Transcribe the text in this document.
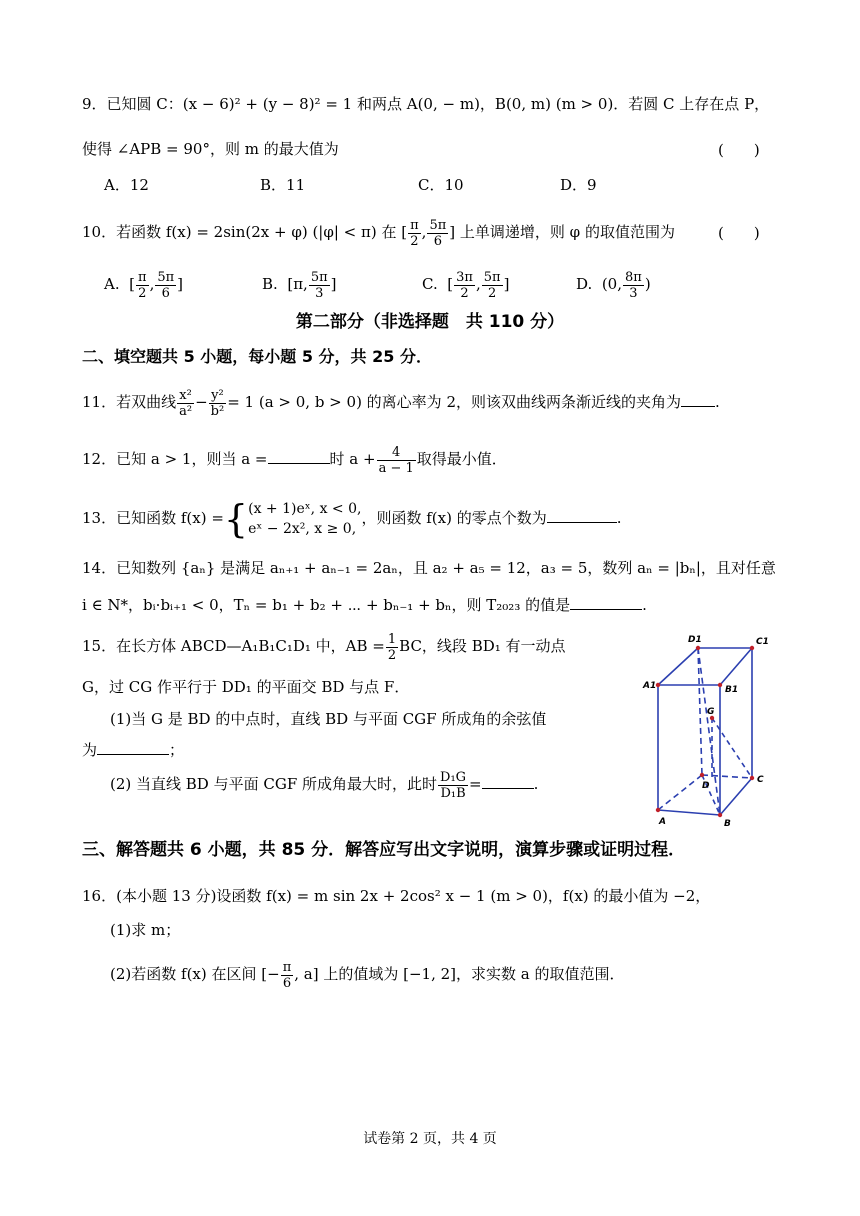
9．已知圆 C：(x − 6)² + (y − 8)² = 1 和两点 A(0, − m)，B(0, m) (m > 0)．若圆 C 上存在点 P，
使得 ∠APB = 90°，则 m 的最大值为	(　　)
A．12	B．11	C．10	D．9
10．若函数 f(x) = 2sin(2x + φ) (|φ| < π) 在 [ $\frac{\pi}{2}$ , $\frac{5\pi}{6}$ ] 上单调递增，则 φ 的取值范围为	(　　)
A. [ $\frac{\pi}{2}$ , $\frac{5\pi}{6}$ ]	B. [π, $\frac{5\pi}{3}$ ]	C. [ $\frac{3\pi}{2}$ , $\frac{5\pi}{2}$ ]	D. (0, $\frac{8\pi}{3}$ )
第二部分（非选择题　共 110 分）
二、填空题共 5 小题，每小题 5 分，共 25 分．
11．若双曲线 $\frac{\text{x²}}{\text{a²}} - \frac{\text{y²}}{\text{b²}} = 1$ (a > 0, b > 0) 的离心率为 2，则该双曲线两条渐近线的夹角为 .
12．已知 a > 1，则当 a =	时 $a + \frac{4}{a - 1}$ 取得最小值．
13．已知函数 f(x) ={ (x + 1)eˣ, x < 0,
eˣ − 2x², x ≥ 0,
，则函数 f(x) 的零点个数为	.
14．已知数列 {aₙ} 是满足 aₙ₊₁ + aₙ₋₁ = 2aₙ，且 a₂ + a₅ = 12，a₃ = 5，数列 aₙ = |bₙ|，且对任意
i ∈ N*，bᵢ·bᵢ₊₁ < 0，Tₙ = b₁ + b₂ + ⋯ + bₙ₋₁ + bₙ，则 T₂₀₂₃ 的值是	.
15．在长方体 ABCD—A₁B₁C₁D₁ 中，AB = $\frac{1}{2}$ BC，线段 BD₁ 有一动点
G，过 CG 作平行于 DD₁ 的平面交 BD 与点 F．
(1)当 G 是 BD 的中点时，直线 BD 与平面 CGF 所成角的余弦值
为	；
(2) 当直线 BD 与平面 CGF 所成角最大时，此时 $\frac{\text{D₁G}}{\text{D₁B}}$ =	.
D1	C1
A1	B1
G
D
C
A	B
三、解答题共 6 小题，共 85 分．解答应写出文字说明，演算步骤或证明过程．
16．(本小题 13 分)设函数 f(x) = m sin 2x + 2cos² x − 1 (m > 0)，f(x) 的最小值为 −2，
(1)求 m；
(2)若函数 f(x) 在区间 [− $\frac{\pi}{6}$ , a] 上的值域为 [−1, 2]，求实数 a 的取值范围．
试卷第 2 页，共 4 页
